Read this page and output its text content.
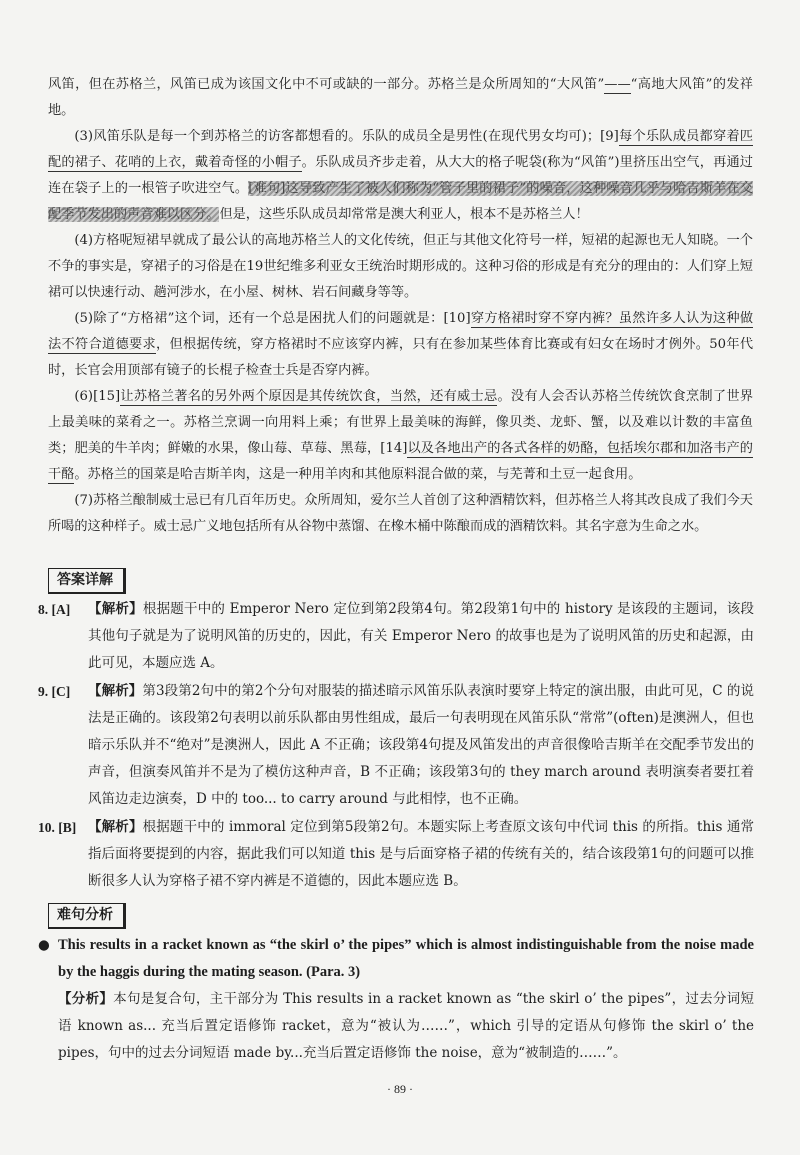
风笛，但在苏格兰，风笛已成为该国文化中不可或缺的一部分。苏格兰是众所周知的“大风笛”——“高地大风笛”的发祥地。

(3)风笛乐队是每一个到苏格兰的访客都想看的。乐队的成员全是男性(在现代男女均可)；[9]每个乐队成员都穿着匹配的裙子、花哨的上衣，戴着奇怪的小帽子。乐队成员齐步走着，从大大的格子呢袋(称为“风笛”)里挤压出空气，再通过连在袋子上的一根管子吹进空气。[难句]这导致产生了被人们称为“管子里的裙子”的噪音，这种噪音几乎与哈吉斯羊在交配季节发出的声音难以区分。但是，这些乐队成员却常常是澳大利亚人，根本不是苏格兰人！

(4)方格呢短裙早就成了最公认的高地苏格兰人的文化传统，但正与其他文化符号一样，短裙的起源也无人知晓。一个不争的事实是，穿裙子的习俗是在19世纪维多利亚女王统治时期形成的。这种习俗的形成是有充分的理由的：人们穿上短裙可以快速行动、趟河涉水，在小屋、树林、岩石间藏身等等。

(5)除了“方格裙”这个词，还有一个总是困扰人们的问题就是：[10]穿方格裙时穿不穿内裤？虽然许多人认为这种做法不符合道德要求，但根据传统，穿方格裙时不应该穿内裤，只有在参加某些体育比赛或有妇女在场时才例外。50年代时，长官会用顶部有镜子的长棍子检查士兵是否穿内裤。

(6)[15]让苏格兰著名的另外两个原因是其传统饮食，当然，还有威士忌。没有人会否认苏格兰传统饮食烹制了世界上最美味的菜肴之一。苏格兰烹调一向用料上乘；有世界上最美味的海鲜，像贝类、龙虾、蟹，以及难以计数的丰富鱼类；肥美的牛羊肉；鲜嫩的水果，像山莓、草莓、黑莓，[14]以及各地出产的各式各样的奶酪，包括埃尔郡和加洛韦产的干酪。苏格兰的国菜是哈吉斯羊肉，这是一种用羊肉和其他原料混合做的菜，与芜菁和土豆一起食用。

(7)苏格兰酿制威士忌已有几百年历史。众所周知，爱尔兰人首创了这种酒精饮料，但苏格兰人将其改良成了我们今天所喝的这种样子。威士忌广义地包括所有从谷物中蒸馏、在橡木桶中陈酿而成的酒精饮料。其名字意为生命之水。

答案详解
8. [A]	【解析】根据题干中的 Emperor Nero 定位到第2段第4句。第2段第1句中的 history 是该段的主题词，该段其他句子就是为了说明风笛的历史的，因此，有关 Emperor Nero 的故事也是为了说明风笛的历史和起源，由此可见，本题应选 A。
9. [C]	【解析】第3段第2句中的第2个分句对服装的描述暗示风笛乐队表演时要穿上特定的演出服，由此可见，C 的说法是正确的。该段第2句表明以前乐队都由男性组成，最后一句表明现在风笛乐队“常常”(often)是澳洲人，但也暗示乐队并不“绝对”是澳洲人，因此 A 不正确；该段第4句提及风笛发出的声音很像哈吉斯羊在交配季节发出的声音，但演奏风笛并不是为了模仿这种声音，B 不正确；该段第3句的 they march around 表明演奏者要扛着风笛边走边演奏，D 中的 too... to carry around 与此相悖，也不正确。
10. [B] 【解析】根据题干中的 immoral 定位到第5段第2句。本题实际上考查原文该句中代词 this 的所指。this 通常指后面将要提到的内容，据此我们可以知道 this 是与后面穿格子裙的传统有关的，结合该段第1句的问题可以推断很多人认为穿格子裙不穿内裤是不道德的，因此本题应选 B。
难句分析
● This results in a racket known as “the skirl o’ the pipes” which is almost indistinguishable from the noise made by the haggis during the mating season. (Para. 3)
【分析】本句是复合句，主干部分为 This results in a racket known as “the skirl o’ the pipes”，过去分词短语 known as... 充当后置定语修饰 racket，意为“被认为……”，which 引导的定语从句修饰 the skirl o’ the pipes，句中的过去分词短语 made by...充当后置定语修饰 the noise，意为“被制造的……”。
· 89 ·
